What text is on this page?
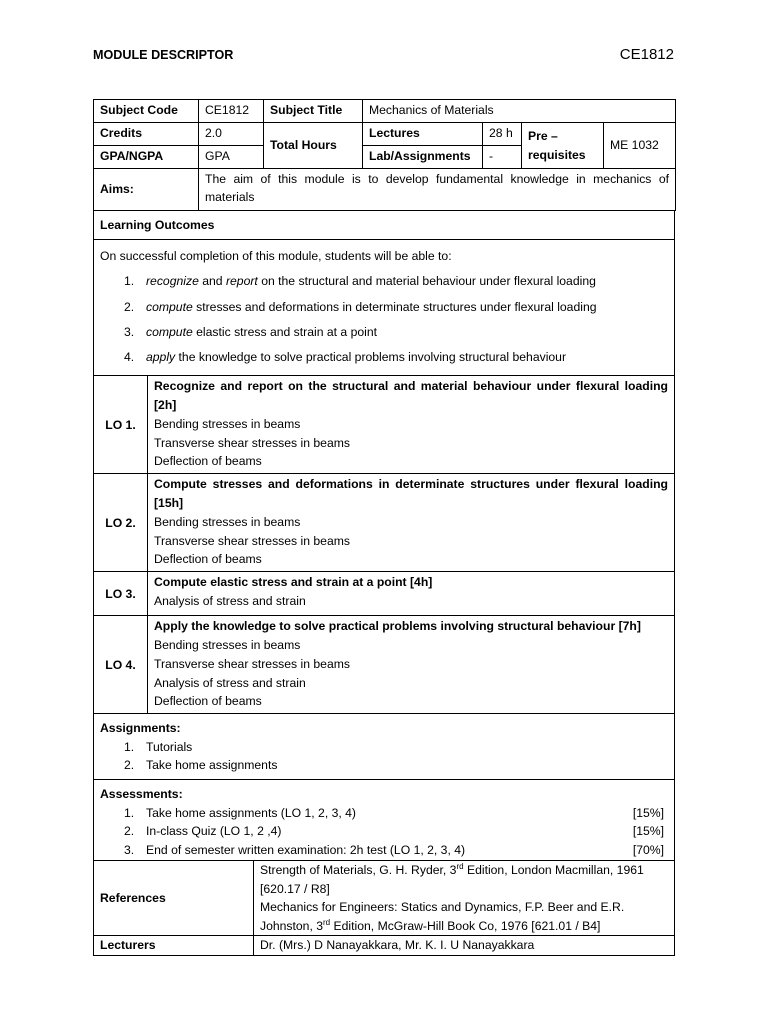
MODULE DESCRIPTOR	CE1812
Subject Code	CE1812	Subject Title	Mechanics of Materials			
Credits	2.0	Total Hours	Lectures	28 h	Pre – requisites	ME 1032
GPA/NGPA	GPA		Lab/Assignments	-		
Aims:	The aim of this module is to develop fundamental knowledge in mechanics of materials					
Learning Outcomes

On successful completion of this module, students will be able to:
1. recognize and report on the structural and material behaviour under flexural loading
2. compute stresses and deformations in determinate structures under flexural loading
3. compute elastic stress and strain at a point
4. apply the knowledge to solve practical problems involving structural behaviour
LO 1.	Recognize and report on the structural and material behaviour under flexural loading [2h]
Bending stresses in beams
Transverse shear stresses in beams
Deflection of beams

LO 2.	Compute stresses and deformations in determinate structures under flexural loading [15h]
Bending stresses in beams
Transverse shear stresses in beams
Deflection of beams

LO 3.	Compute elastic stress and strain at a point [4h]
Analysis of stress and strain

LO 4.	Apply the knowledge to solve practical problems involving structural behaviour [7h]
Bending stresses in beams
Transverse shear stresses in beams
Analysis of stress and strain
Deflection of beams
Assignments:
1. Tutorials
2. Take home assignments
Assessments:
1. Take home assignments (LO 1, 2, 3, 4)	[15%]
2. In-class Quiz (LO 1, 2 ,4)	[15%]
3. End of semester written examination: 2h test (LO 1, 2, 3, 4)	[70%]
References	Strength of Materials, G. H. Ryder, 3rd Edition, London Macmillan, 1961 [620.17 / R8]
Mechanics for Engineers: Statics and Dynamics, F.P. Beer and E.R. Johnston, 3rd Edition, McGraw-Hill Book Co, 1976 [621.01 / B4]

Lecturers	Dr. (Mrs.) D Nanayakkara, Mr. K. I. U Nanayakkara
